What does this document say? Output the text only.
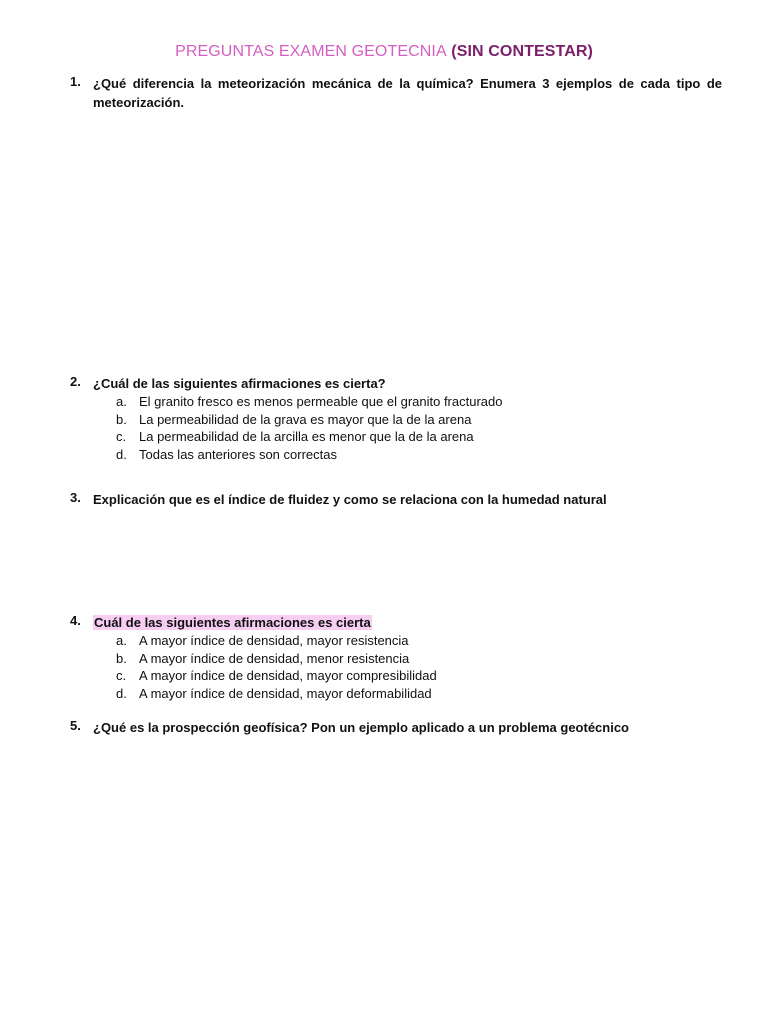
PREGUNTAS EXAMEN GEOTECNIA (SIN CONTESTAR)
1. ¿Qué diferencia la meteorización mecánica de la química? Enumera 3 ejemplos de cada tipo de meteorización.
2. ¿Cuál de las siguientes afirmaciones es cierta?
a. El granito fresco es menos permeable que el granito fracturado
b. La permeabilidad de la grava es mayor que la de la arena
c. La permeabilidad de la arcilla es menor que la de la arena
d. Todas las anteriores son correctas
3. Explicación que es el índice de fluidez y como se relaciona con la humedad natural
4.	Cuál de las siguientes afirmaciones es cierta
a. A mayor índice de densidad, mayor resistencia
b. A mayor índice de densidad, menor resistencia
c. A mayor índice de densidad, mayor compresibilidad
d. A mayor índice de densidad, mayor deformabilidad
5. ¿Qué es la prospección geofísica? Pon un ejemplo aplicado a un problema geotécnico
